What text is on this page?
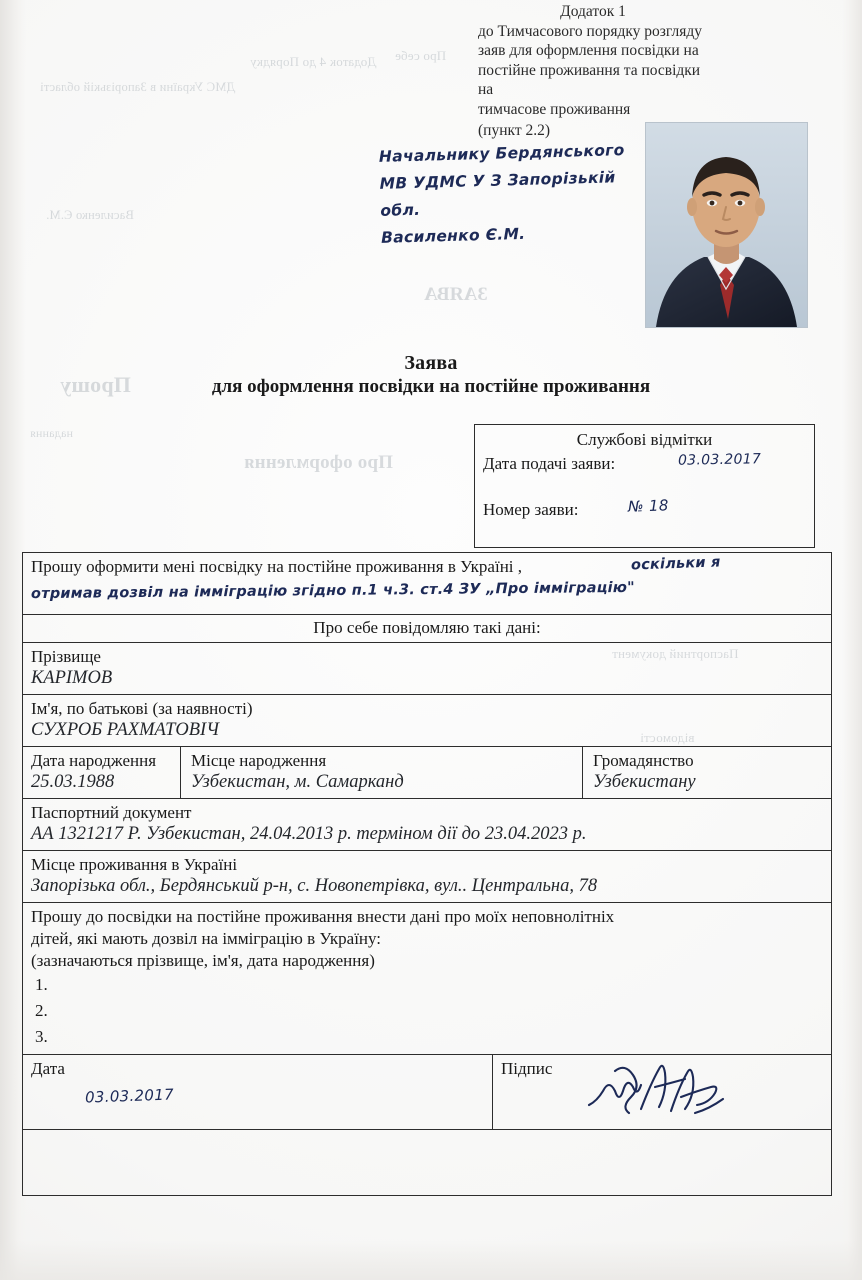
Додаток 4 до Порядку
ДМС України в Запорізькій області
Василенко Є.М.
Про себе
ЗАЯВА
Прошу
Про оформлення
надання
Паспортний документ
відомості
Додаток 1
до Тимчасового порядку розгляду
заяв для оформлення посвідки на
постійне проживання та посвідки на
тимчасове проживання
(пункт 2.2)
Начальнику Бердянського
МВ УДМС У З Запорізькій обл.
Василенко Є.М.
Заява
для оформлення посвідки на постійне проживання
Службові відмітки
Дата подачі заяви:	03.03.2017
Номер заяви:	№ 18
Прошу оформити мені посвідку на постійне проживання в Україні ,	оскільки я
отримав дозвіл на імміграцію згідно п.1 ч.3. ст.4 ЗУ „Про імміграцію"
Про себе повідомляю такі дані:
Прізвище
КАРІМОВ
Ім'я, по батькові (за наявності)
СУХРОБ РАХМАТОВІЧ
Дата народження
25.03.1988
Місце народження
Узбекистан, м. Самарканд
Громадянство
Узбекистану
Паспортний документ
АА 1321217 Р. Узбекистан, 24.04.2013 р. терміном дії до 23.04.2023 р.
Місце проживання в Україні
Запорізька обл., Бердянський р-н, с. Новопетрівка, вул.. Центральна, 78
Прошу до посвідки на постійне проживання внести дані про моїх неповнолітніх
дітей, які мають дозвіл на імміграцію в Україну:
(зазначаються прізвище, ім'я, дата народження)
1.
2.
3.
Дата
03.03.2017
Підпис
